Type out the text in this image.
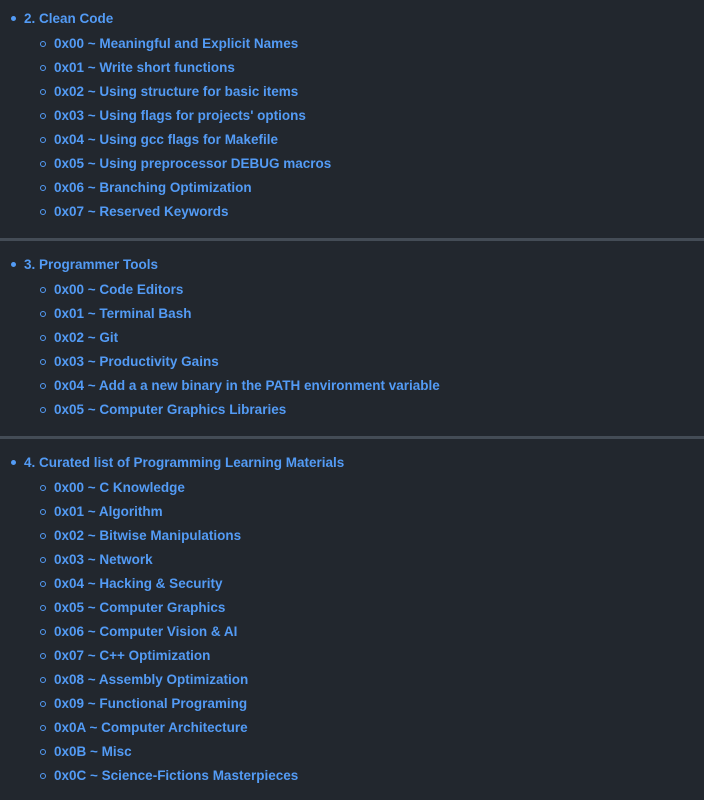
2. Clean Code
0x00 ~ Meaningful and Explicit Names
0x01 ~ Write short functions
0x02 ~ Using structure for basic items
0x03 ~ Using flags for projects' options
0x04 ~ Using gcc flags for Makefile
0x05 ~ Using preprocessor DEBUG macros
0x06 ~ Branching Optimization
0x07 ~ Reserved Keywords
3. Programmer Tools
0x00 ~ Code Editors
0x01 ~ Terminal Bash
0x02 ~ Git
0x03 ~ Productivity Gains
0x04 ~ Add a a new binary in the PATH environment variable
0x05 ~ Computer Graphics Libraries
4. Curated list of Programming Learning Materials
0x00 ~ C Knowledge
0x01 ~ Algorithm
0x02 ~ Bitwise Manipulations
0x03 ~ Network
0x04 ~ Hacking & Security
0x05 ~ Computer Graphics
0x06 ~ Computer Vision & AI
0x07 ~ C++ Optimization
0x08 ~ Assembly Optimization
0x09 ~ Functional Programing
0x0A ~ Computer Architecture
0x0B ~ Misc
0x0C ~ Science-Fictions Masterpieces
